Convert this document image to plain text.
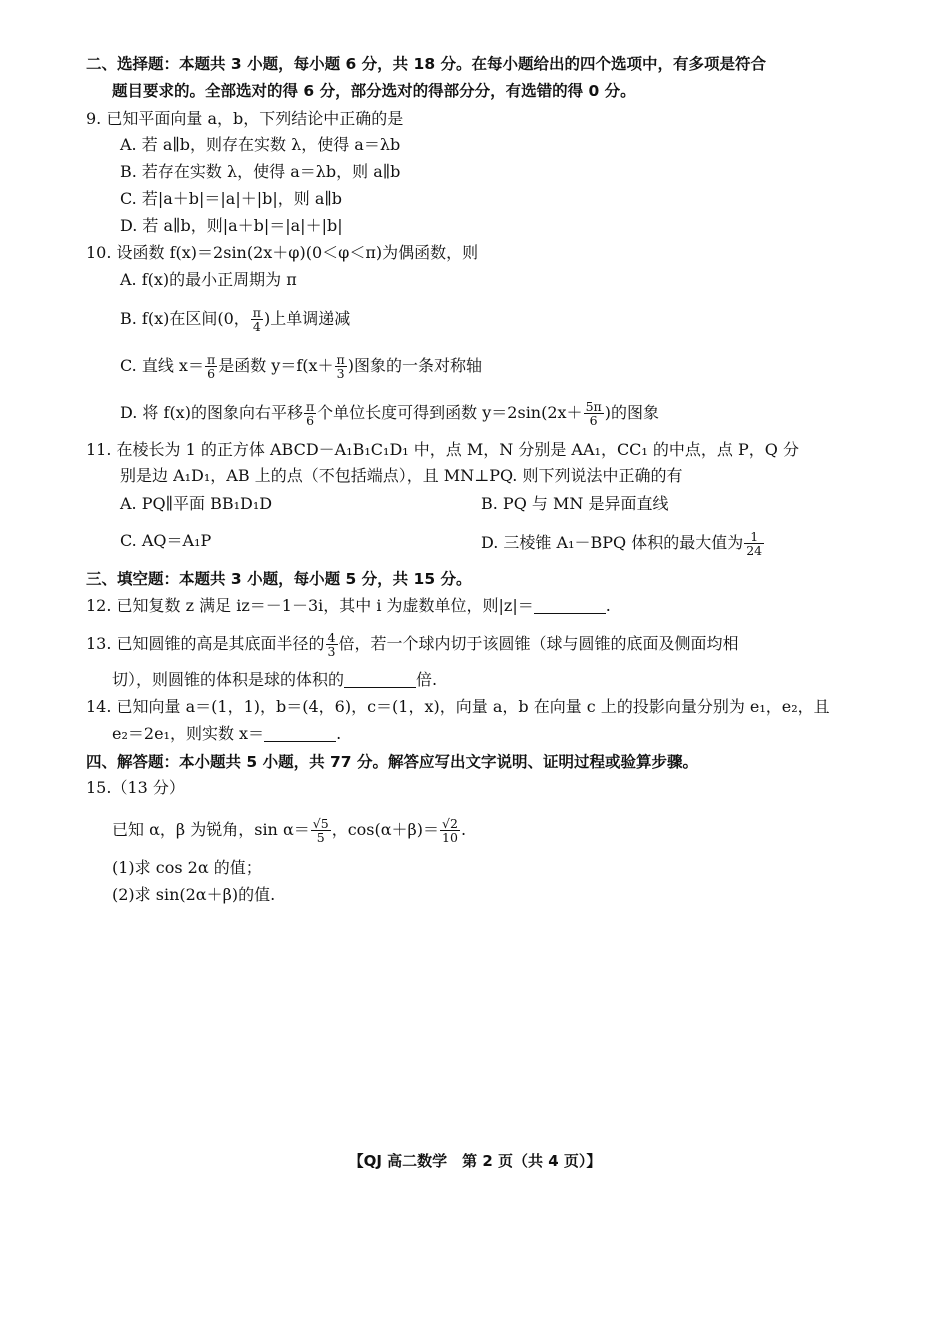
二、选择题：本题共 3 小题，每小题 6 分，共 18 分。在每小题给出的四个选项中，有多项是符合
题目要求的。全部选对的得 6 分，部分选对的得部分分，有选错的得 0 分。
9. 已知平面向量 a，b，下列结论中正确的是
A. 若 a∥b，则存在实数 λ，使得 a＝λb
B. 若存在实数 λ，使得 a＝λb，则 a∥b
C. 若|a＋b|＝|a|＋|b|，则 a∥b
D. 若 a∥b，则|a＋b|＝|a|＋|b|
10. 设函数 f(x)＝2sin(2x＋φ)(0＜φ＜π)为偶函数，则
A. f(x)的最小正周期为 π
B. f(x)在区间(0， $\frac{\pi}{4}$ )上单调递减
C. 直线 $x= \frac{\pi}{6}$ 是函数 $y=f(x+ \frac{\pi}{3}$ )图象的一条对称轴
D. 将 f(x)的图象向右平移 $\frac{\pi}{6}$ 个单位长度可得到函数 $y=2\sin(2x+ \frac{5\pi}{6}$ )的图象
11. 在棱长为 1 的正方体 ABCD－A₁B₁C₁D₁ 中，点 M，N 分别是 AA₁，CC₁ 的中点，点 P，Q 分
别是边 A₁D₁，AB 上的点（不包括端点），且 MN⊥PQ. 则下列说法中正确的有
A. PQ∥平面 BB₁D₁D	B. PQ 与 MN 是异面直线
C. AQ＝A₁P	D. 三棱锥 A₁－BPQ 体积的最大值为 $\frac{1}{24}$
三、填空题：本题共 3 小题，每小题 5 分，共 15 分。
12. 已知复数 z 满足 iz＝－1－3i，其中 i 为虚数单位，则|z|＝	.
13. 已知圆锥的高是其底面半径的 $\frac{4}{3}$ 倍，若一个球内切于该圆锥（球与圆锥的底面及侧面均相
切），则圆锥的体积是球的体积的	倍.
14. 已知向量 a＝(1，1)，b＝(4，6)，c＝(1，x)，向量 a，b 在向量 c 上的投影向量分别为 e₁，e₂，且
e₂＝2e₁，则实数 x＝	.
四、解答题：本小题共 5 小题，共 77 分。解答应写出文字说明、证明过程或验算步骤。
15.（13 分）
已知 α，β 为锐角，$\sin \alpha= \frac{√5}{5}$ ，$\cos(\alpha+\beta)= \frac{√2}{10}$ .
(1)求 cos 2α 的值；
(2)求 sin(2α＋β)的值.
【QJ 高二数学　第 2 页（共 4 页）】
